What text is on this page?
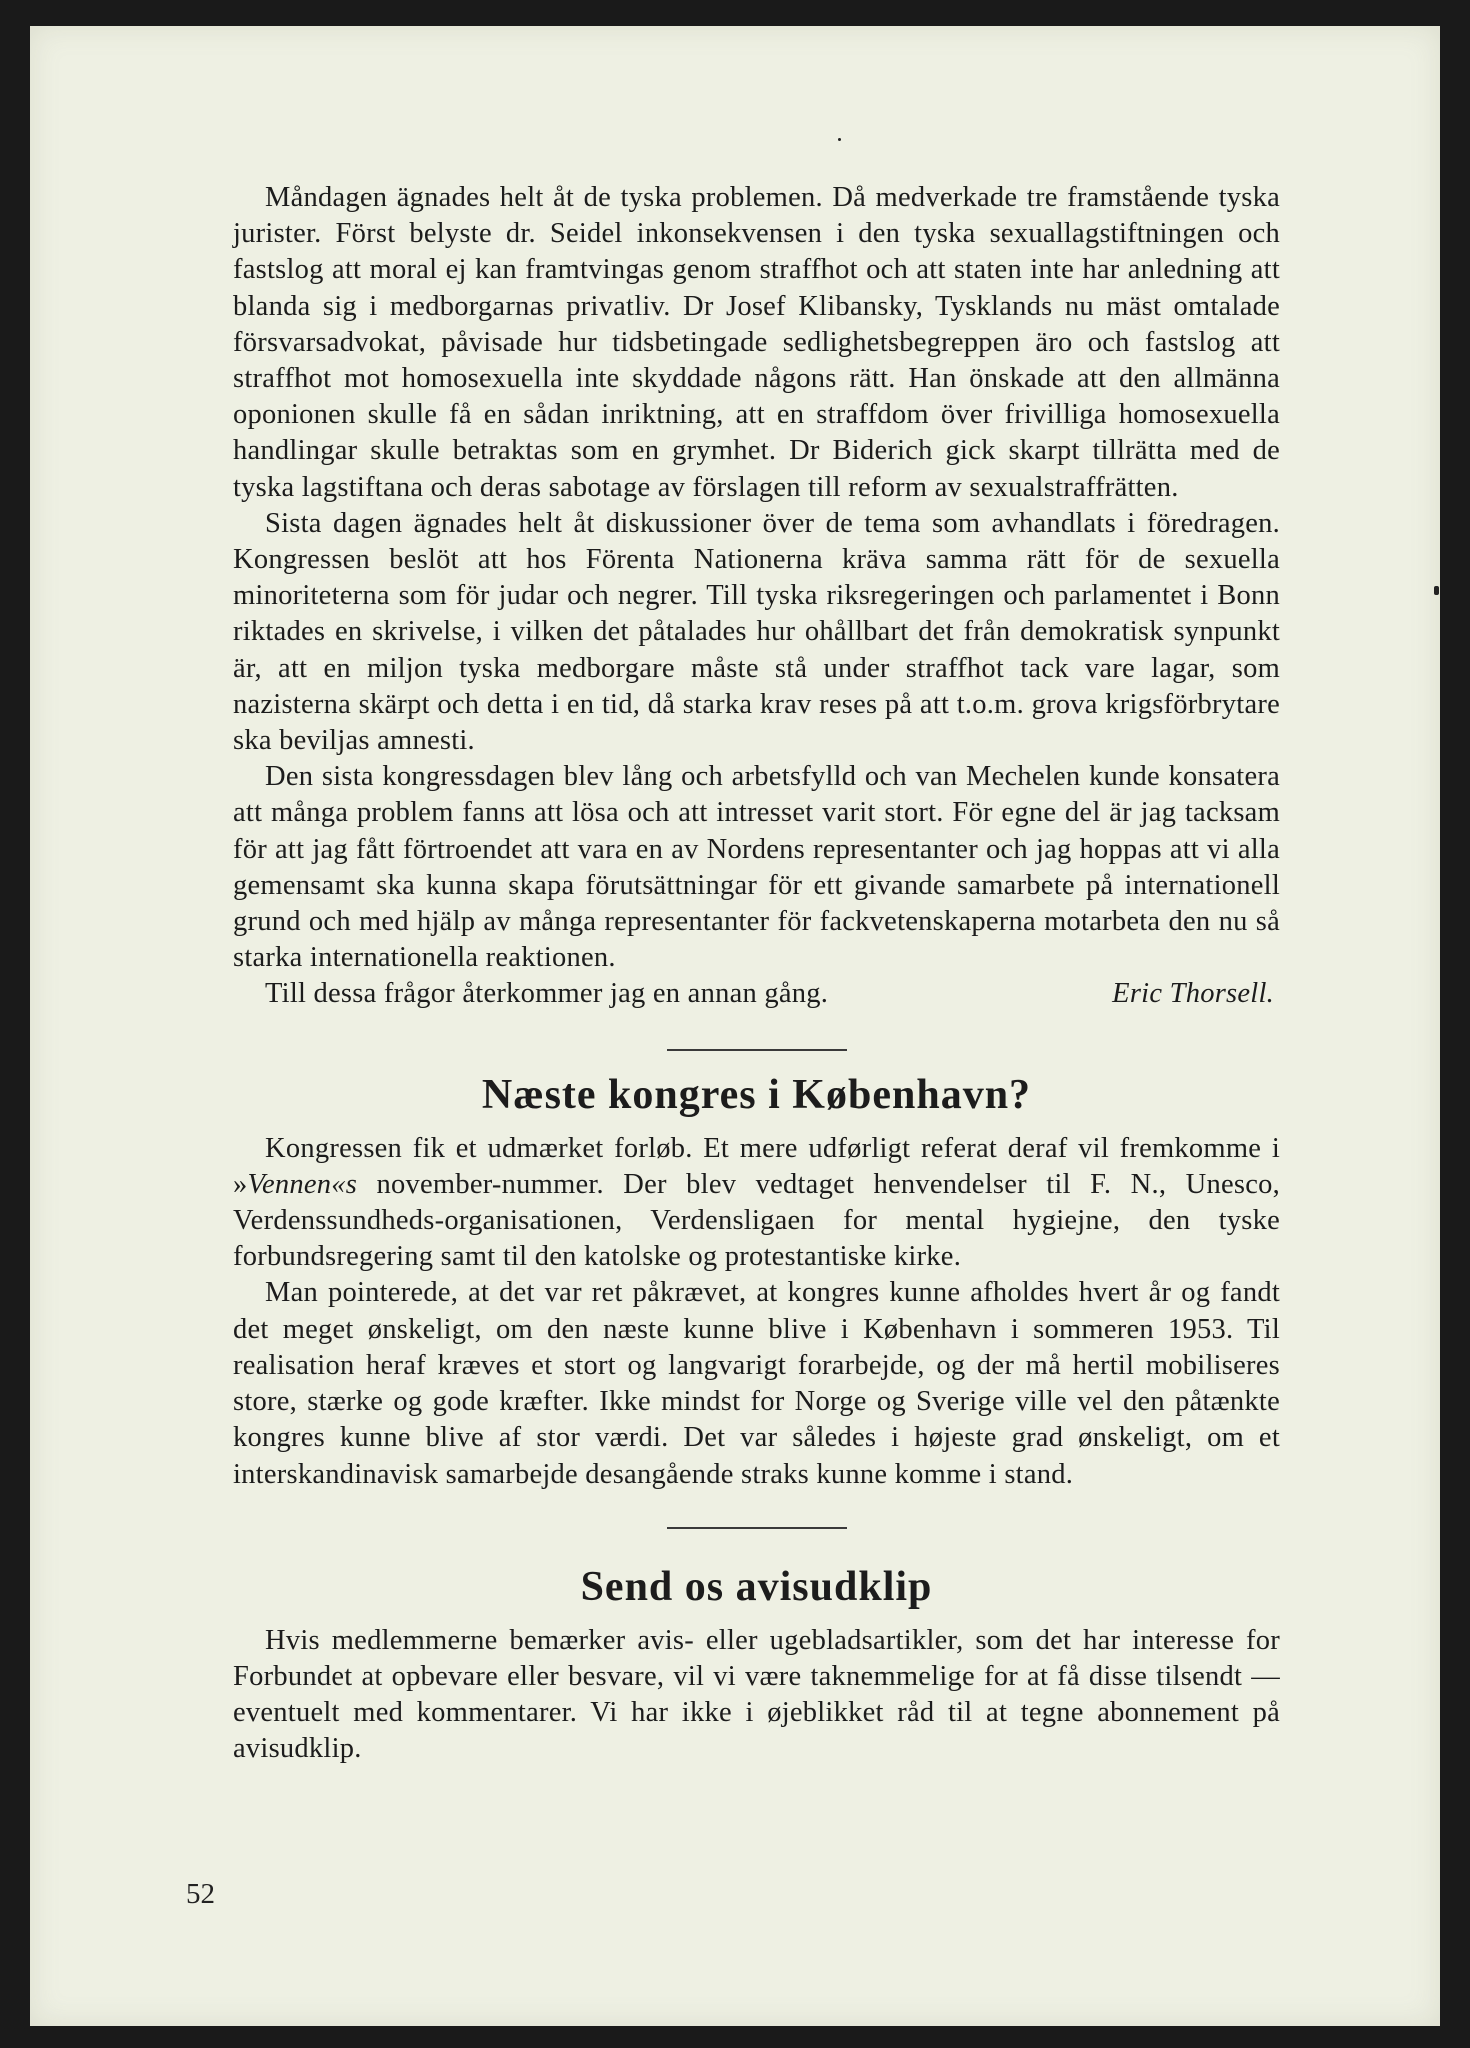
Måndagen ägnades helt åt de tyska problemen. Då medverkade tre framstående tyska jurister. Först belyste dr. Seidel inkonsekvensen i den tyska sexuallagstiftningen och fastslog att moral ej kan framtvingas genom straffhot och att staten inte har anledning att blanda sig i medborgarnas privatliv. Dr Josef Klibansky, Tysklands nu mäst omtalade försvarsadvokat, påvisade hur tidsbetingade sedlighetsbegreppen äro och fastslog att straffhot mot homosexuella inte skyddade någons rätt. Han önskade att den allmänna oponionen skulle få en sådan inriktning, att en straffdom över frivilliga homosexuella handlingar skulle betraktas som en grymhet. Dr Biderich gick skarpt tillrätta med de tyska lagstiftana och deras sabotage av förslagen till reform av sexualstraffrätten.

Sista dagen ägnades helt åt diskussioner över de tema som avhandlats i föredragen. Kongressen beslöt att hos Förenta Nationerna kräva samma rätt för de sexuella minoriteterna som för judar och negrer. Till tyska riksregeringen och parlamentet i Bonn riktades en skrivelse, i vilken det påtalades hur ohållbart det från demokratisk synpunkt är, att en miljon tyska medborgare måste stå under straffhot tack vare lagar, som nazisterna skärpt och detta i en tid, då starka krav reses på att t.o.m. grova krigsförbrytare ska beviljas amnesti.

Den sista kongressdagen blev lång och arbetsfylld och van Mechelen kunde konsatera att många problem fanns att lösa och att intresset varit stort. För egne del är jag tacksam för att jag fått förtroendet att vara en av Nordens representanter och jag hoppas att vi alla gemensamt ska kunna skapa förutsättningar för ett givande samarbete på internationell grund och med hjälp av många representanter för fackvetenskaperna motarbeta den nu så starka internationella reaktionen.

Till dessa frågor återkommer jag en annan gång.	Eric Thorsell.
Næste kongres i København?

Kongressen fik et udmærket forløb. Et mere udførligt referat deraf vil fremkomme i »Vennen«s november-nummer. Der blev vedtaget henvendelser til F. N., Unesco, Verdenssundheds-organisationen, Verdensligaen for mental hygiejne, den tyske forbundsregering samt til den katolske og protestantiske kirke.

Man pointerede, at det var ret påkrævet, at kongres kunne afholdes hvert år og fandt det meget ønskeligt, om den næste kunne blive i København i sommeren 1953. Til realisation heraf kræves et stort og langvarigt forarbejde, og der må hertil mobiliseres store, stærke og gode kræfter. Ikke mindst for Norge og Sverige ville vel den påtænkte kongres kunne blive af stor værdi. Det var således i højeste grad ønskeligt, om et interskandinavisk samarbejde desangående straks kunne komme i stand.

Send os avisudklip

Hvis medlemmerne bemærker avis- eller ugebladsartikler, som det har interesse for Forbundet at opbevare eller besvare, vil vi være taknemmelige for at få disse tilsendt — eventuelt med kommentarer. Vi har ikke i øjeblikket råd til at tegne abonnement på avisudklip.

52
